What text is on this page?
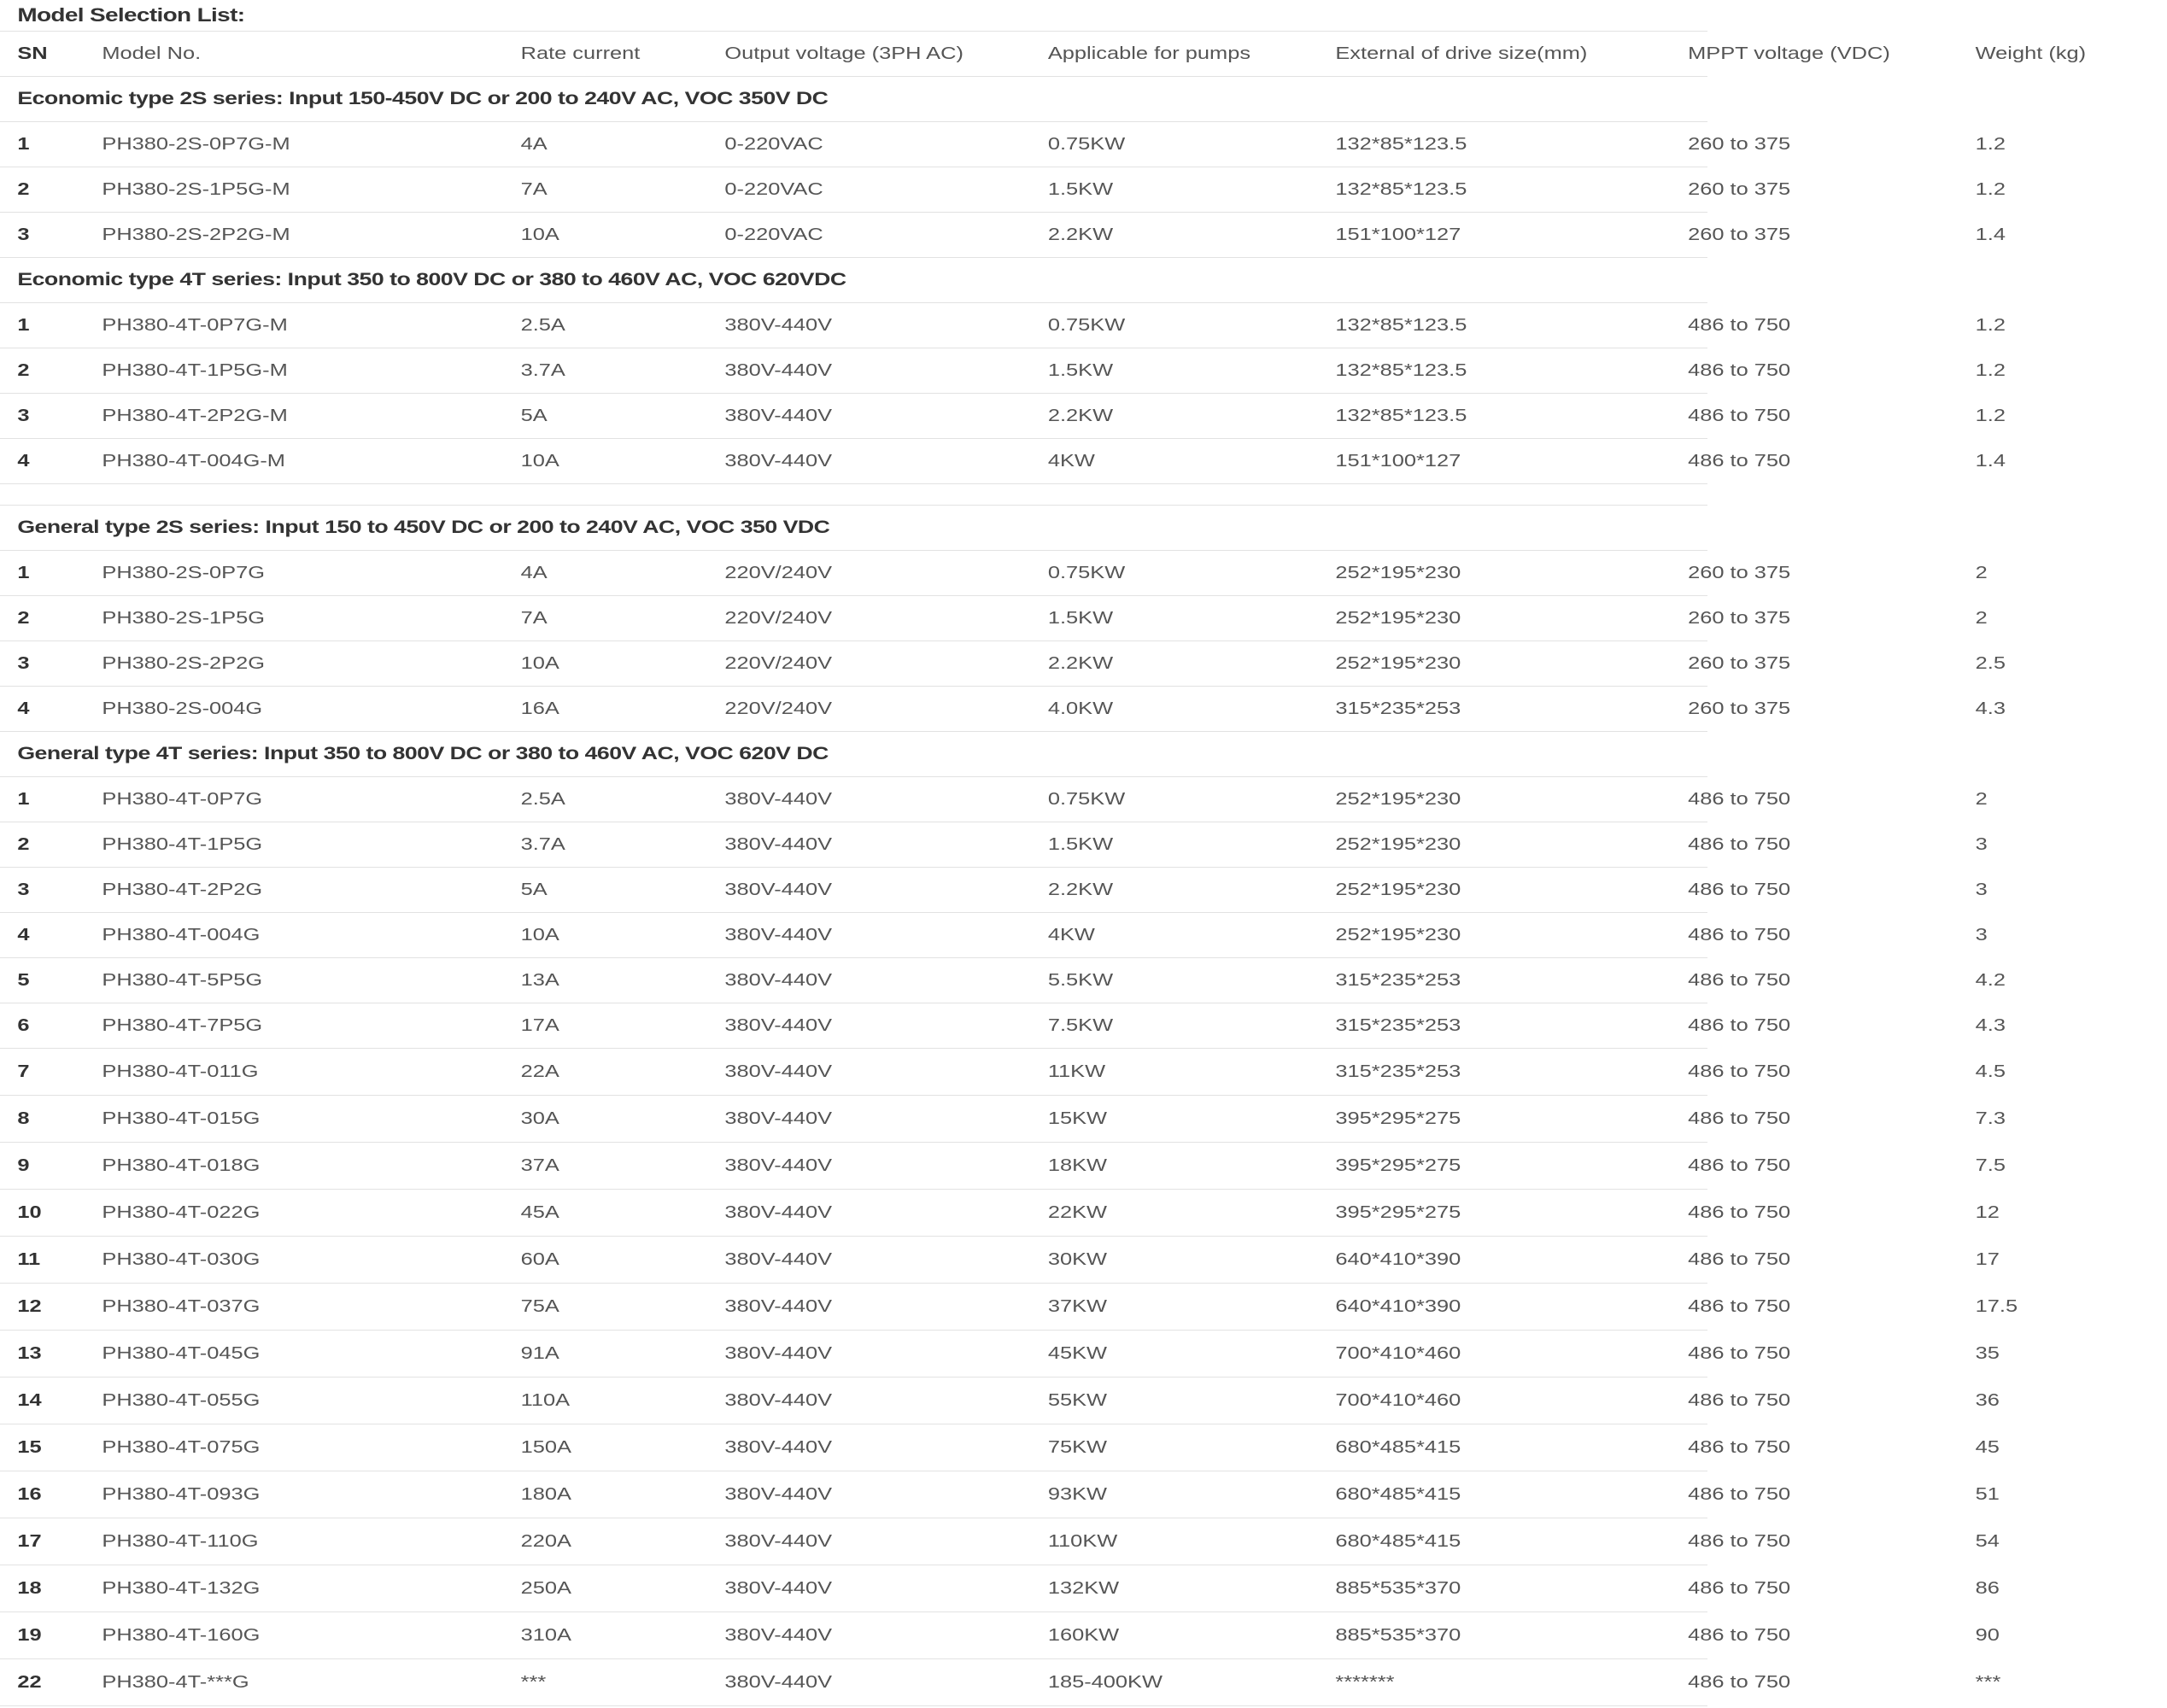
Model Selection List:
SN	Model No.	Rate current	Output voltage (3PH AC)	Applicable for pumps	External of drive size(mm)	MPPT voltage (VDC)	Weight (kg)
Economic type 2S series: Input 150-450V DC or 200 to 240V AC, VOC 350V DC
1	PH380-2S-0P7G-M	4A	0-220VAC	0.75KW	132*85*123.5	260 to 375	1.2
2	PH380-2S-1P5G-M	7A	0-220VAC	1.5KW	132*85*123.5	260 to 375	1.2
3	PH380-2S-2P2G-M	10A	0-220VAC	2.2KW	151*100*127	260 to 375	1.4
Economic type 4T series: Input 350 to 800V DC or 380 to 460V AC, VOC 620VDC
1	PH380-4T-0P7G-M	2.5A	380V-440V	0.75KW	132*85*123.5	486 to 750	1.2
2	PH380-4T-1P5G-M	3.7A	380V-440V	1.5KW	132*85*123.5	486 to 750	1.2
3	PH380-4T-2P2G-M	5A	380V-440V	2.2KW	132*85*123.5	486 to 750	1.2
4	PH380-4T-004G-M	10A	380V-440V	4KW	151*100*127	486 to 750	1.4
General type 2S series: Input 150 to 450V DC or 200 to 240V AC, VOC 350 VDC
1	PH380-2S-0P7G	4A	220V/240V	0.75KW	252*195*230	260 to 375	2
2	PH380-2S-1P5G	7A	220V/240V	1.5KW	252*195*230	260 to 375	2
3	PH380-2S-2P2G	10A	220V/240V	2.2KW	252*195*230	260 to 375	2.5
4	PH380-2S-004G	16A	220V/240V	4.0KW	315*235*253	260 to 375	4.3
General type 4T series: Input 350 to 800V DC or 380 to 460V AC, VOC 620V DC
1	PH380-4T-0P7G	2.5A	380V-440V	0.75KW	252*195*230	486 to 750	2
2	PH380-4T-1P5G	3.7A	380V-440V	1.5KW	252*195*230	486 to 750	3
3	PH380-4T-2P2G	5A	380V-440V	2.2KW	252*195*230	486 to 750	3
4	PH380-4T-004G	10A	380V-440V	4KW	252*195*230	486 to 750	3
5	PH380-4T-5P5G	13A	380V-440V	5.5KW	315*235*253	486 to 750	4.2
6	PH380-4T-7P5G	17A	380V-440V	7.5KW	315*235*253	486 to 750	4.3
7	PH380-4T-011G	22A	380V-440V	11KW	315*235*253	486 to 750	4.5
8	PH380-4T-015G	30A	380V-440V	15KW	395*295*275	486 to 750	7.3
9	PH380-4T-018G	37A	380V-440V	18KW	395*295*275	486 to 750	7.5
10	PH380-4T-022G	45A	380V-440V	22KW	395*295*275	486 to 750	12
11	PH380-4T-030G	60A	380V-440V	30KW	640*410*390	486 to 750	17
12	PH380-4T-037G	75A	380V-440V	37KW	640*410*390	486 to 750	17.5
13	PH380-4T-045G	91A	380V-440V	45KW	700*410*460	486 to 750	35
14	PH380-4T-055G	110A	380V-440V	55KW	700*410*460	486 to 750	36
15	PH380-4T-075G	150A	380V-440V	75KW	680*485*415	486 to 750	45
16	PH380-4T-093G	180A	380V-440V	93KW	680*485*415	486 to 750	51
17	PH380-4T-110G	220A	380V-440V	110KW	680*485*415	486 to 750	54
18	PH380-4T-132G	250A	380V-440V	132KW	885*535*370	486 to 750	86
19	PH380-4T-160G	310A	380V-440V	160KW	885*535*370	486 to 750	90
22	PH380-4T-***G	***	380V-440V	185-400KW	*******	486 to 750	***
